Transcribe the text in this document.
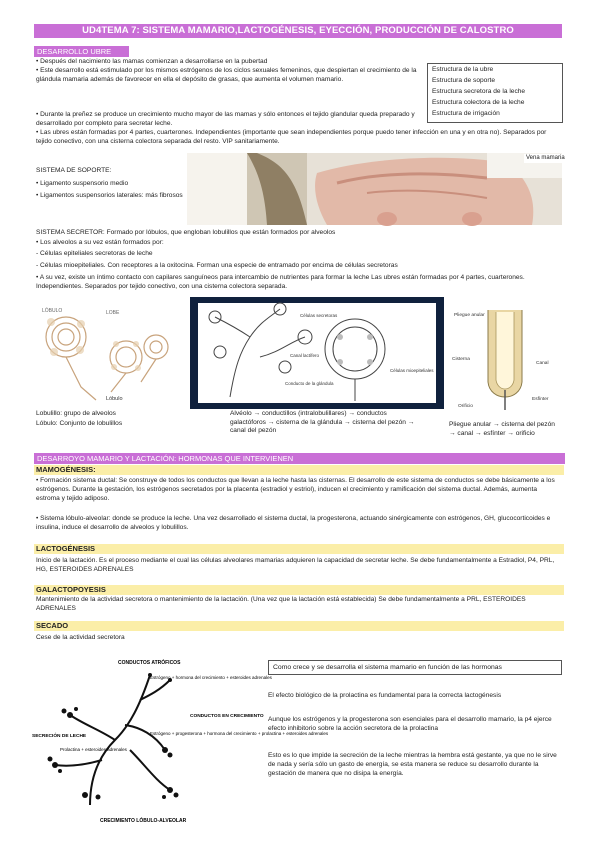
UD4TEMA 7: SISTEMA MAMARIO,LACTOGÉNESIS, EYECCIÓN, PRODUCCIÓN DE CALOSTRO
DESARROLLO UBRE
• Después del nacimiento las mamas comienzan a desarrollarse en la pubertad
• Este desarrollo está estimulado por los mismos estrógenos de los ciclos sexuales femeninos, que despiertan el crecimiento de la glándula mamaria además de favorecer en ella el depósito de grasas, que aumenta el volumen mamario.
• Durante la preñez se produce un crecimiento mucho mayor de las mamas y sólo entonces el tejido glandular queda preparado y desarrollado por completo para secretar leche.
• Las ubres están formadas por 4 partes, cuarterones. Independientes (importante que sean independientes porque puedo tener infección en una y en otra no). Separados por tejido conectivo, con una cisterna colectora separada del resto. VIP sanitariamente.
Estructura de la ubre
Estructura de soporte
Estructura secretora de la leche
Estructura colectora de la leche
Estructura de irrigación
Vena mamaria
SISTEMA DE SOPORTE:
• Ligamento suspensorio medio
• Ligamentos suspensorios laterales: más fibrosos
SISTEMA SECRETOR: Formado por lóbulos, que engloban lobulillos que están formados por alveolos
• Los alveolos a su vez están formados por:
- Células epiteliales secretoras de leche
- Células mioepiteliales. Con receptores a la oxitocina. Forman una especie de entramado por encima de células secretoras
• A su vez, existe un íntimo contacto con capilares sanguíneos para intercambio de nutrientes para formar la leche Las ubres están formadas por 4 partes, cuarterones. Independientes. Separados por tejido conectivo, con una cisterna colectora separada.
LÓBULO	LOBE
Lóbulo
Lobulillo: grupo de alveolos
Lóbulo: Conjunto de lobulillos
Células secretoras
Canal lactífero
Conducto de la glándula
Células mioepiteliales
Alvéolo → conductillos (intralobulillares) → conductos galactóforos → cisterna de la glándula → cisterna del pezón → canal del pezón
Pliegue anular
Cisterna
Canal
Esfínter
Orificio
Pliegue anular → cisterna del pezón → canal → esfínter → orificio
DESARROYO MAMARIO Y LACTACIÓN: HORMONAS QUE INTERVIENEN
MAMOGÉNESIS:
• Formación sistema ductal: Se construye de todos los conductos que llevan a la leche hasta las cisternas. El desarrollo de este sistema de conductos se debe básicamente a los estrógenos. Durante la gestación, los estrógenos secretados por la placenta (estradiol y estriol), inducen el crecimiento y ramificación del sistema ductal. Además, aumenta estroma y tejido adiposo.
• Sistema lóbulo-alveolar: donde se produce la leche. Una vez desarrollado el sistema ductal, la progesterona, actuando sinérgicamente con estrógenos, GH, glucocorticoides e insulina, induce el desarrollo de alveolos y lobulillos.
LACTOGÉNESIS
Inicio de la lactación. Es el proceso mediante el cual las células alveolares mamarias adquieren la capacidad de secretar leche. Se debe fundamentalmente a Estradiol, P4, PRL, HG, ESTEROIDES ADRENALES
GALACTOPOYESIS
Mantenimiento de la actividad secretora o mantenimiento de la lactación. (Una vez que la lactación está establecida) Se debe fundamentalmente a PRL, ESTEROIDES ADRENALES
SECADO
Cese de la actividad secretora
CONDUCTOS ATRÓFICOS
Estrógeno + hormona del crecimiento + esteroides adrenales
CONDUCTOS EN CRECIMIENTO
SECRECIÓN DE LECHE
Estrógeno + progesterona + hormona del crecimiento + prolactina + esteroides adrenales
Prolactina + esteroides adrenales
CRECIMIENTO LÓBULO-ALVEOLAR
Como crece y se desarrolla el sistema mamario en función de las hormonas
El efecto biológico de la prolactina es fundamental para la correcta lactogénesis
Aunque los estrógenos y la progesterona son esenciales para el desarrollo mamario, la p4 ejerce efecto inhibitorio sobre la acción secretora de la prolactina
Esto es lo que impide la secreción de la leche mientras la hembra está gestante, ya que no le sirve de nada y sería sólo un gasto de energía, se esta manera se reduce su desarrollo durante la gestación de manera que no disipa la energía.
